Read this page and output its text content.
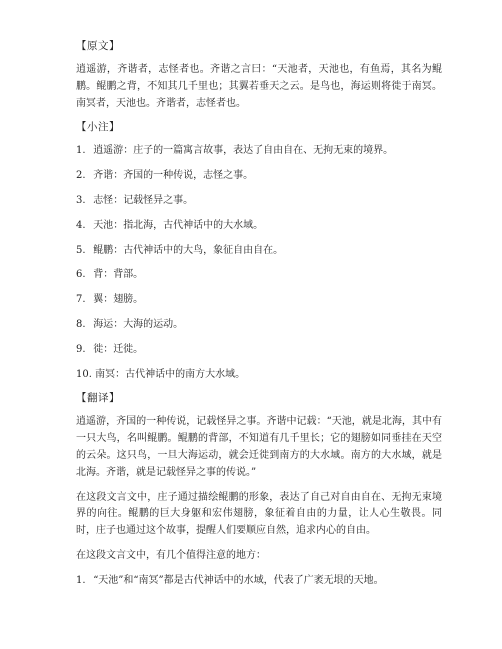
【原文】

逍遥游，齐谐者，志怪者也。齐谐之言曰：“天池者，天池也，有鱼焉，其名为鲲鹏。鲲鹏之背，不知其几千里也；其翼若垂天之云。是鸟也，海运则将徙于南冥。南冥者，天池也。齐谐者，志怪者也。

【小注】
1. 逍遥游：庄子的一篇寓言故事，表达了自由自在、无拘无束的境界。
2. 齐谐：齐国的一种传说，志怪之事。
3. 志怪：记载怪异之事。
4. 天池：指北海，古代神话中的大水域。
5. 鲲鹏：古代神话中的大鸟，象征自由自在。
6. 背：背部。
7. 翼：翅膀。
8. 海运：大海的运动。
9. 徙：迁徙。
10. 南冥：古代神话中的南方大水域。
【翻译】

逍遥游，齐国的一种传说，记载怪异之事。齐谐中记载：“天池，就是北海，其中有一只大鸟，名叫鲲鹏。鲲鹏的背部，不知道有几千里长；它的翅膀如同垂挂在天空的云朵。这只鸟，一旦大海运动，就会迁徙到南方的大水域。南方的大水域，就是北海。齐谐，就是记载怪异之事的传说。”

在这段文言文中，庄子通过描绘鲲鹏的形象，表达了自己对自由自在、无拘无束境界的向往。鲲鹏的巨大身躯和宏伟翅膀，象征着自由的力量，让人心生敬畏。同时，庄子也通过这个故事，提醒人们要顺应自然，追求内心的自由。

在这段文言文中，有几个值得注意的地方：

1. “天池”和“南冥”都是古代神话中的水域，代表了广袤无垠的天地。
